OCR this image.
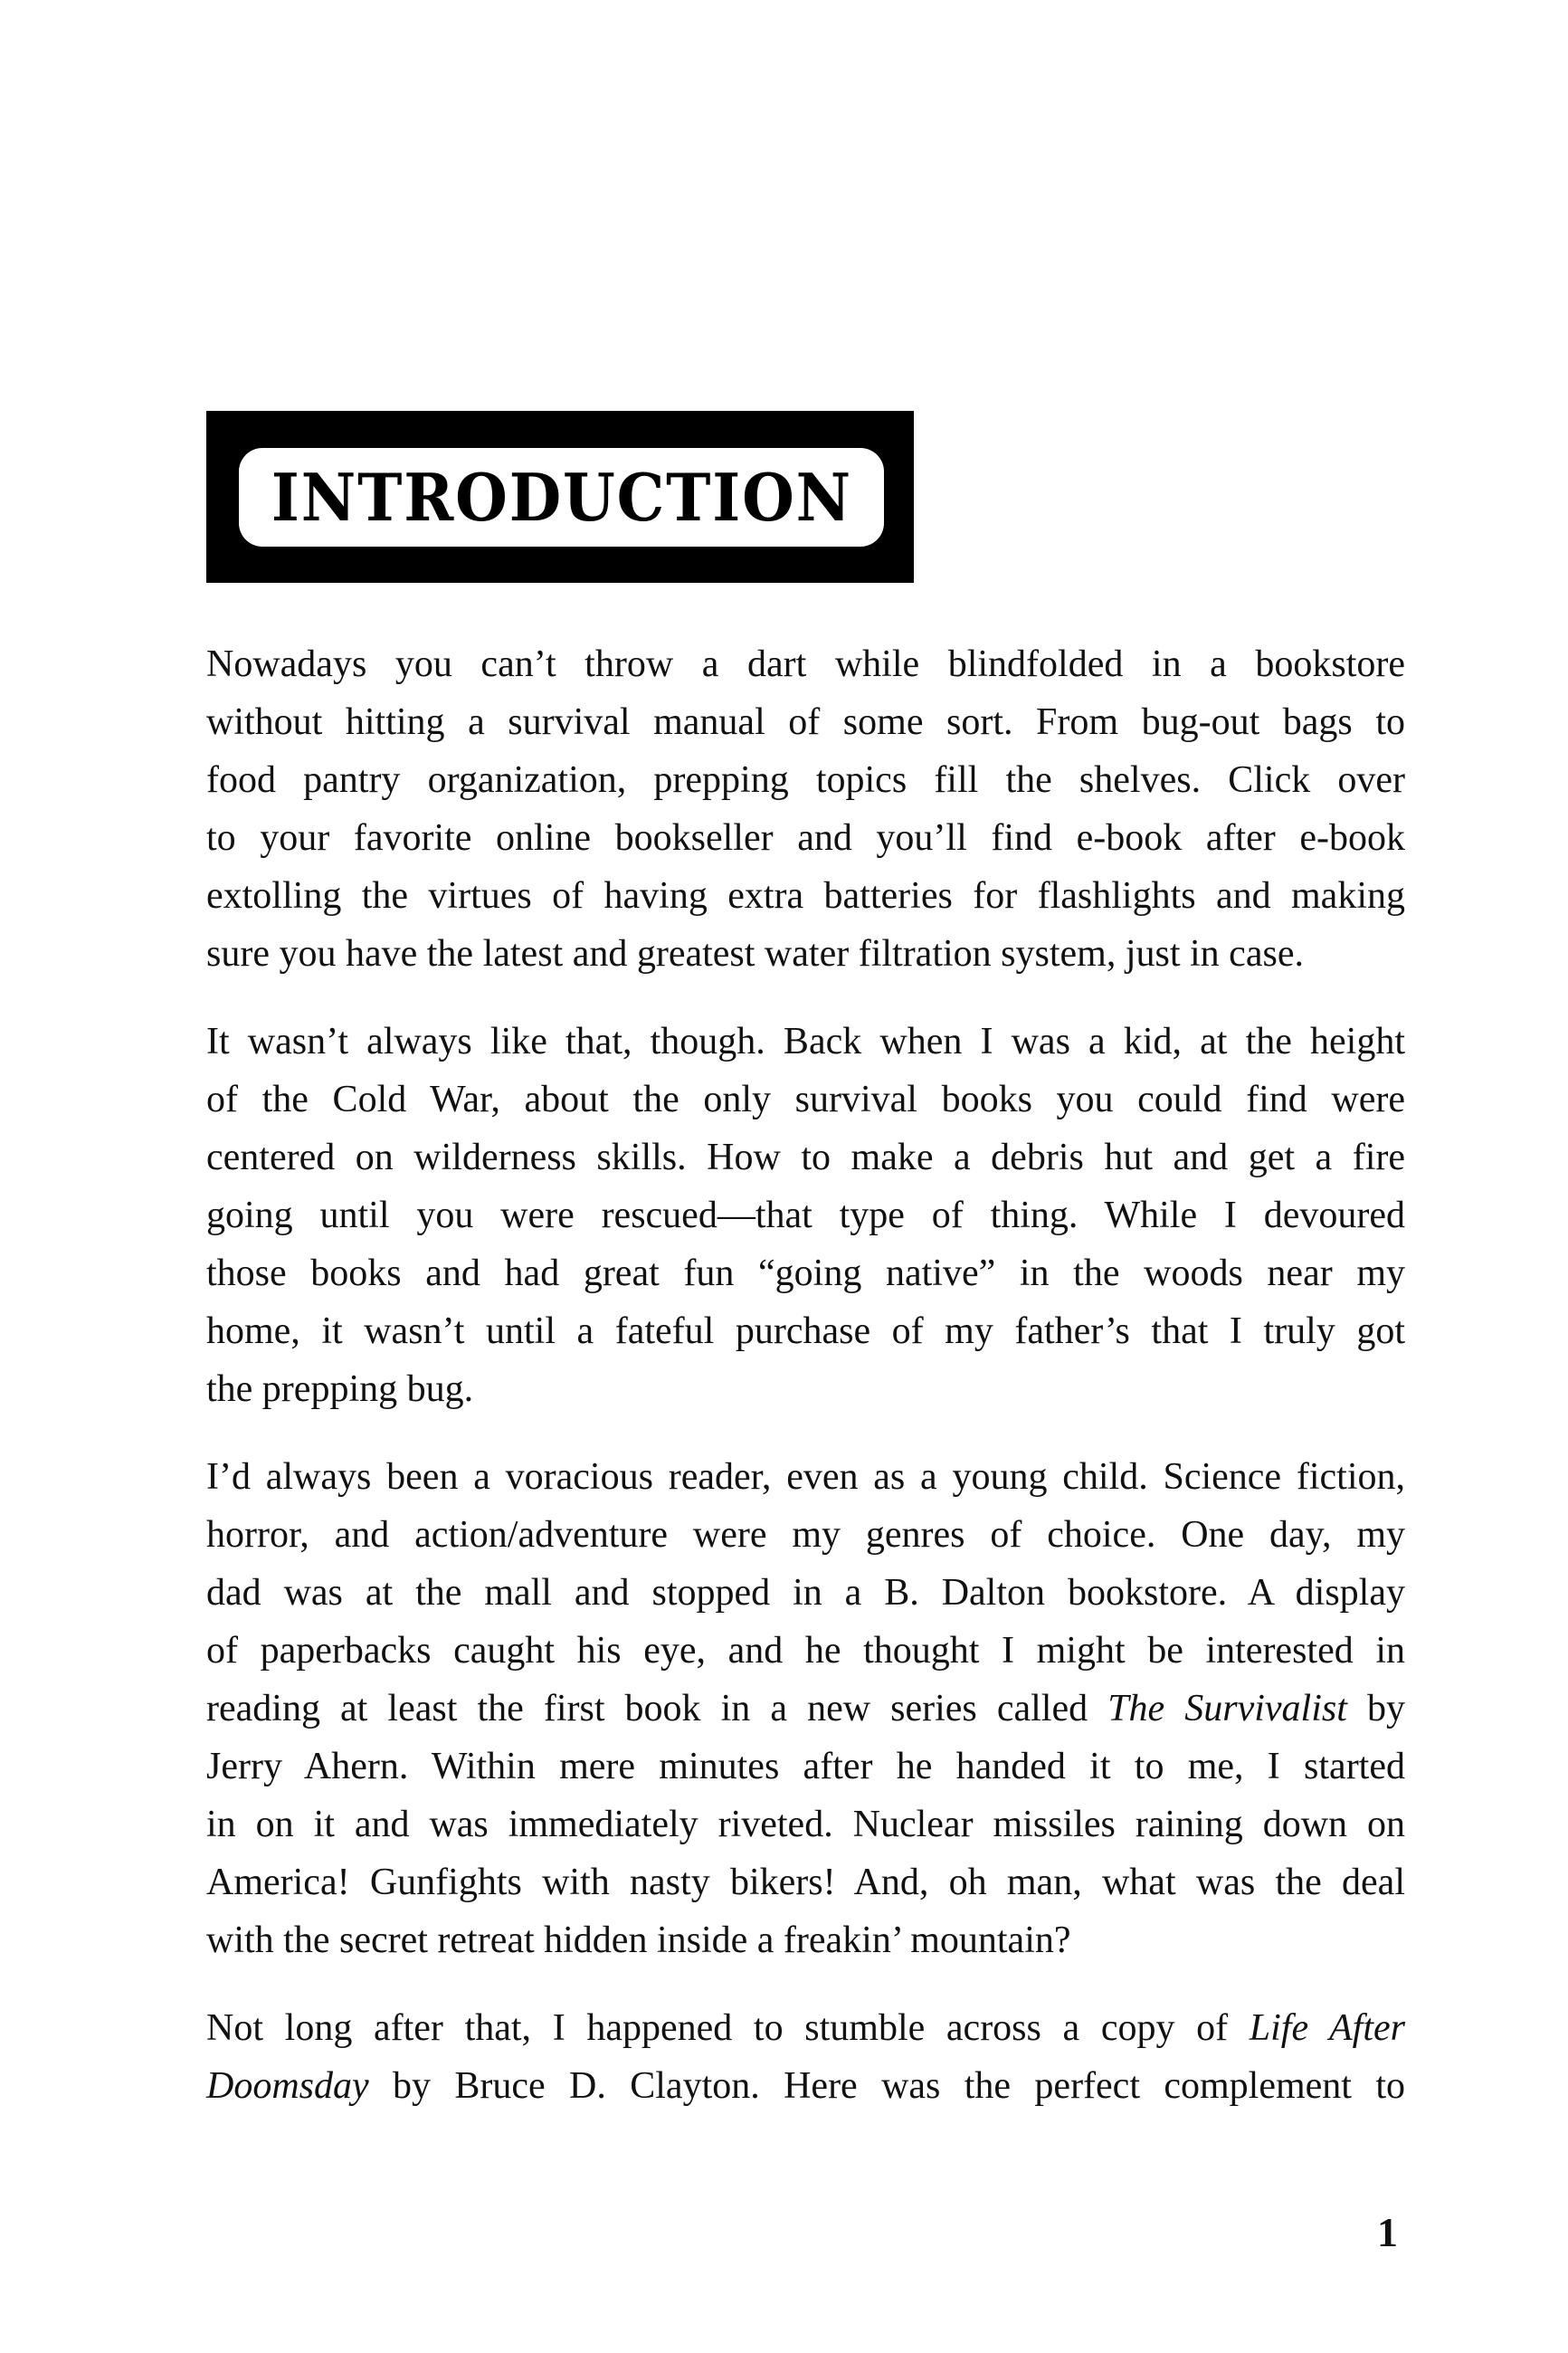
INTRODUCTION
Nowadays you can’t throw a dart while blindfolded in a bookstore
without hitting a survival manual of some sort. From bug-out bags to
food pantry organization, prepping topics fill the shelves. Click over
to your favorite online bookseller and you’ll find e-book after e-book
extolling the virtues of having extra batteries for flashlights and making
sure you have the latest and greatest water filtration system, just in case.
It wasn’t always like that, though. Back when I was a kid, at the height
of the Cold War, about the only survival books you could find were
centered on wilderness skills. How to make a debris hut and get a fire
going until you were rescued—that type of thing. While I devoured
those books and had great fun “going native” in the woods near my
home, it wasn’t until a fateful purchase of my father’s that I truly got
the prepping bug.
I’d always been a voracious reader, even as a young child. Science fiction,
horror, and action/adventure were my genres of choice. One day, my
dad was at the mall and stopped in a B. Dalton bookstore. A display
of paperbacks caught his eye, and he thought I might be interested in
reading at least the first book in a new series called The Survivalist by
Jerry Ahern. Within mere minutes after he handed it to me, I started
in on it and was immediately riveted. Nuclear missiles raining down on
America! Gunfights with nasty bikers! And, oh man, what was the deal
with the secret retreat hidden inside a freakin’ mountain?
Not long after that, I happened to stumble across a copy of Life After
Doomsday by Bruce D. Clayton. Here was the perfect complement to
1
